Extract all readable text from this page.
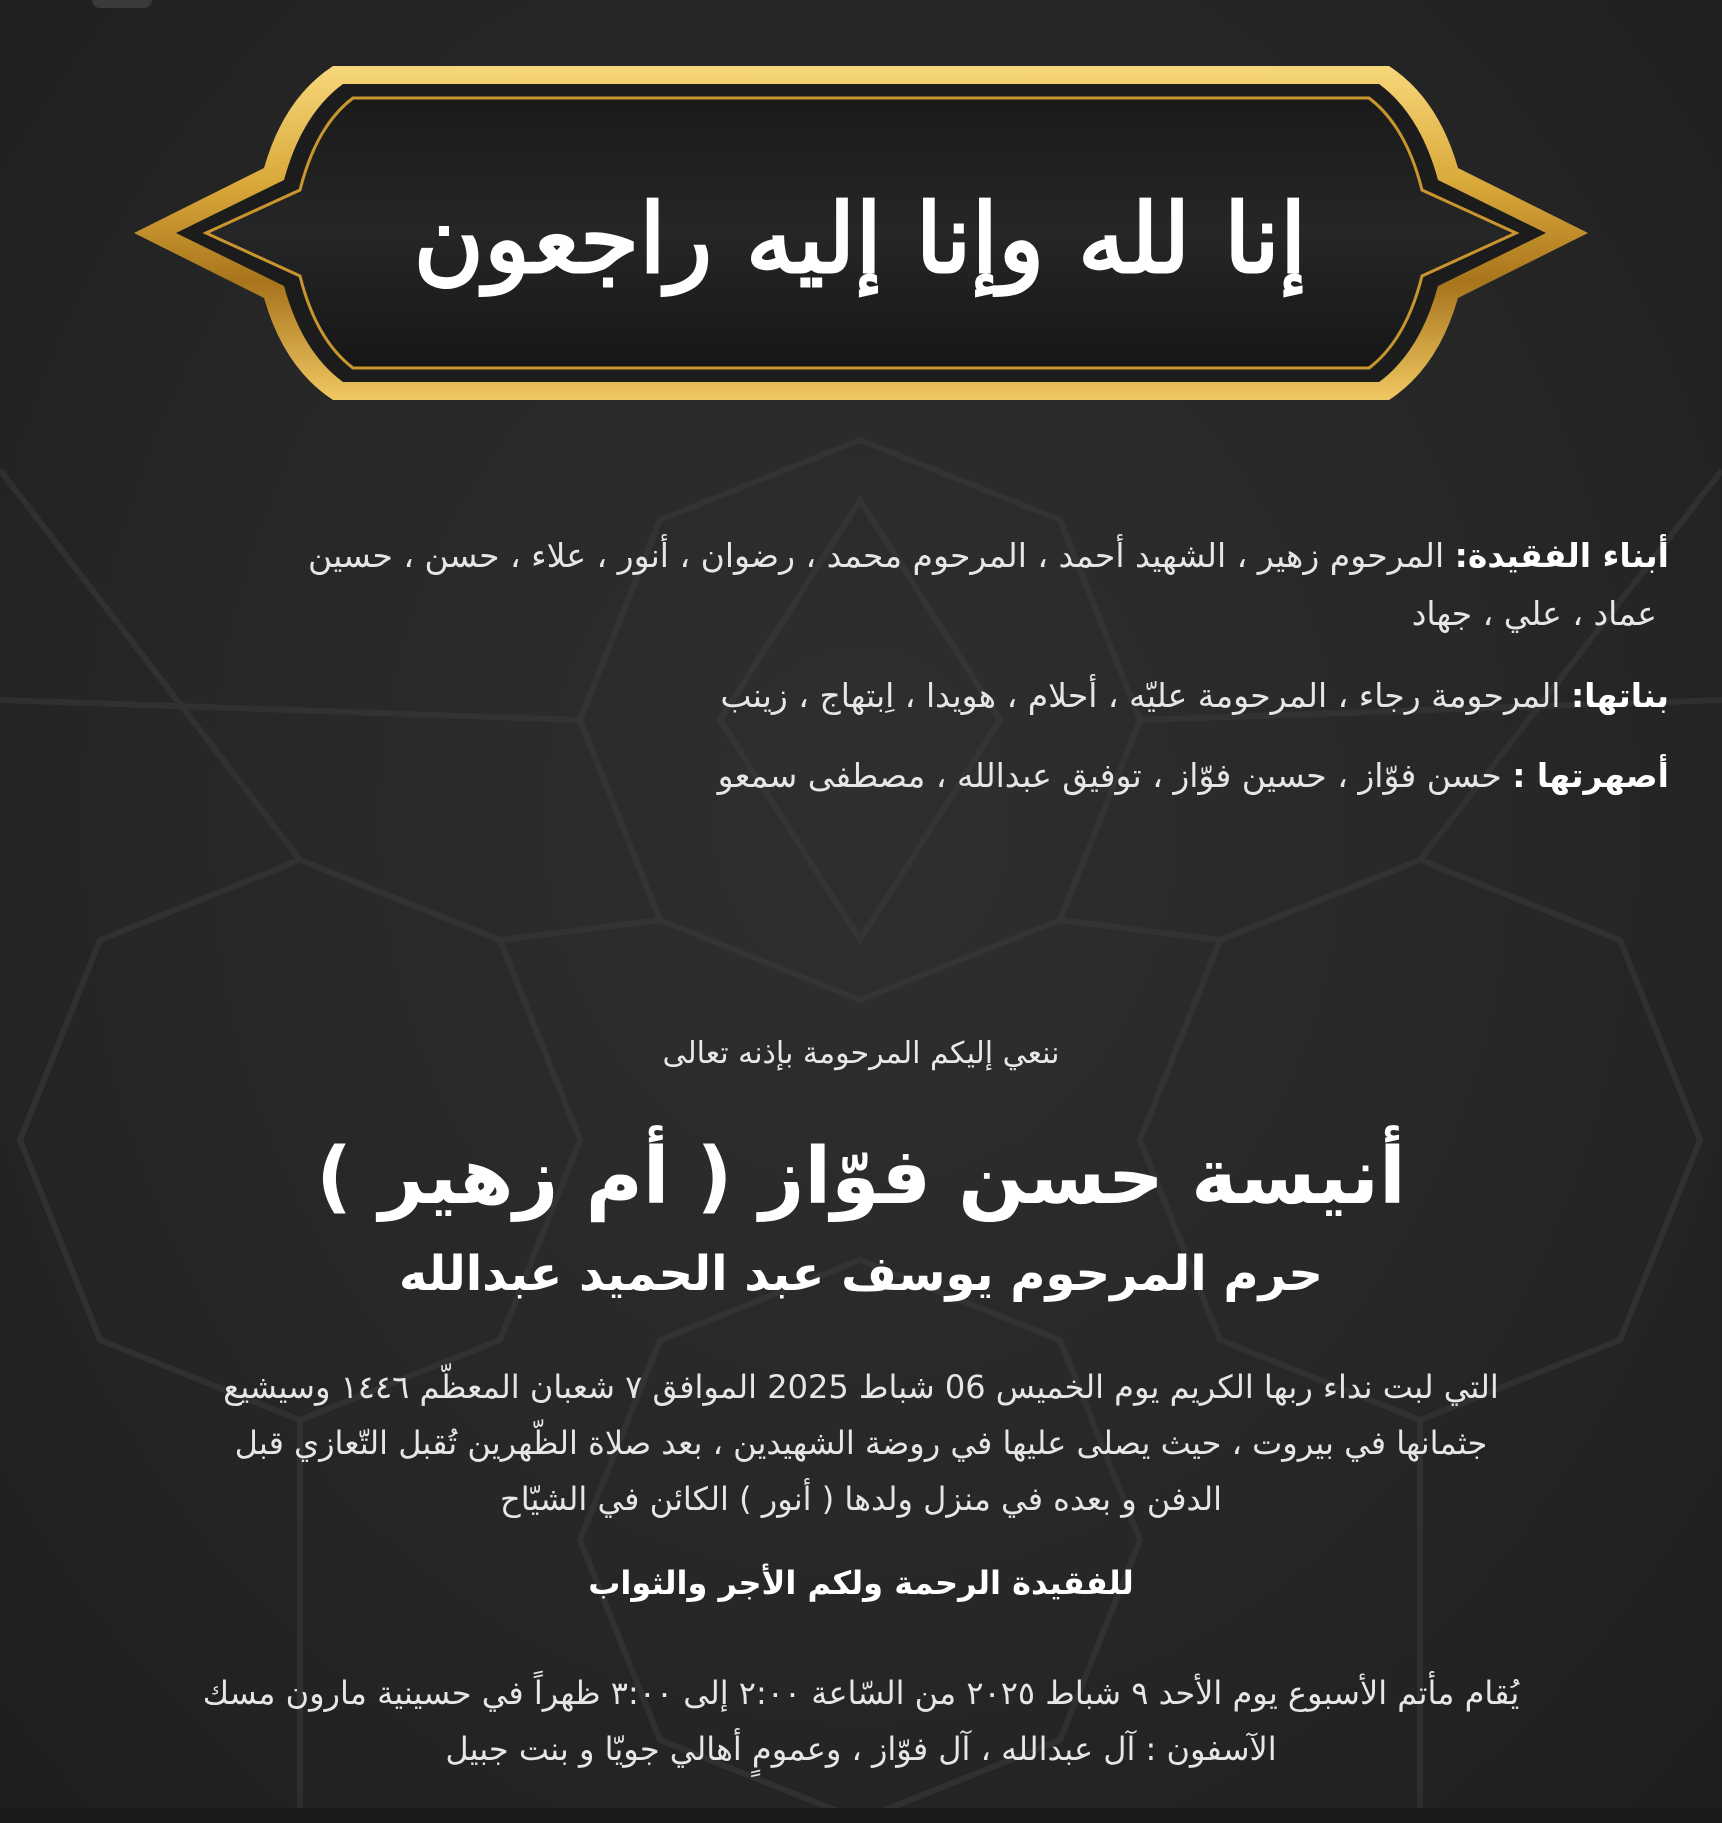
إنا لله وإنا إليه راجعون
أبناء الفقيدة: المرحوم زهير ، الشهيد أحمد ، المرحوم محمد ، رضوان ، أنور ، علاء ، حسن ، حسين
عماد ، علي ، جهاد
بناتها: المرحومة رجاء ، المرحومة عليّه ، أحلام ، هويدا ، اِبتهاج ، زينب
أصهرتها : حسن فوّاز ، حسين فوّاز ، توفيق عبدالله ، مصطفى سمعو
ننعي إليكم المرحومة بإذنه تعالى
أنيسة حسن فوّاز ( أم زهير )
حرم المرحوم يوسف عبد الحميد عبدالله
التي لبت نداء ربها الكريم يوم الخميس 06 شباط 2025 الموافق ٧ شعبان المعظّم ١٤٤٦ وسيشيع
جثمانها في بيروت ، حيث يصلى عليها في روضة الشهيدين ، بعد صلاة الظّهرين تُقبل التّعازي قبل
الدفن و بعده في منزل ولدها ( أنور ) الكائن في الشيّاح
للفقيدة الرحمة ولكم الأجر والثواب
يُقام مأتم الأسبوع يوم الأحد ٩ شباط ٢٠٢٥ من السّاعة ٢:٠٠ إلى ٣:٠٠ ظهراً في حسينية مارون مسك
الآسفون : آل عبدالله ، آل فوّاز ، وعمومٍ أهالي جويّا و بنت جبيل
